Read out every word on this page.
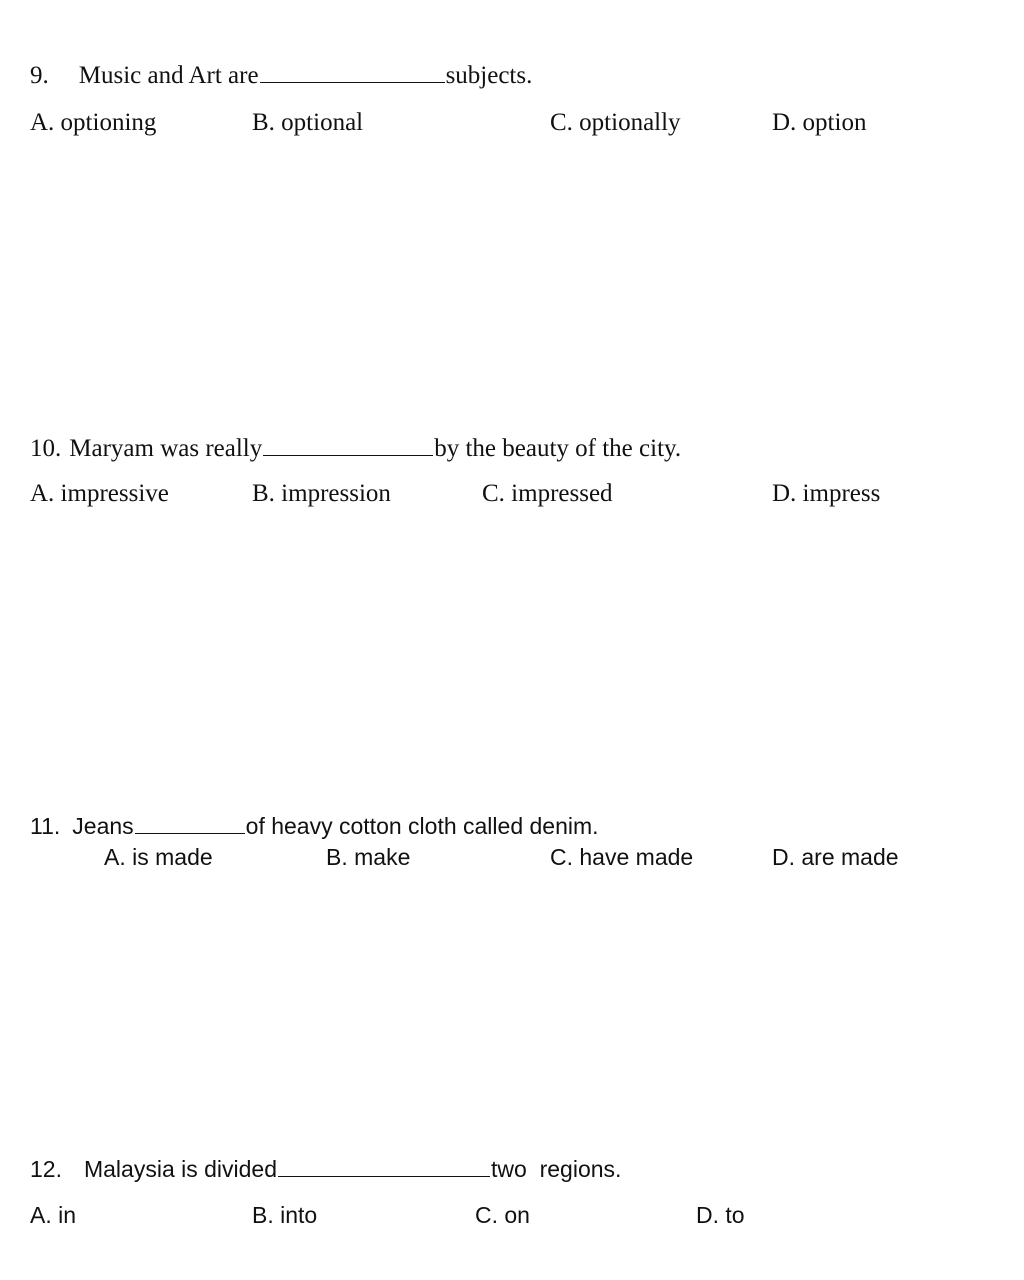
9. Music and Art are	subjects.
A. optioning	B. optional	C. optionally	D. option
10. Maryam was really	by the beauty of the city.
A. impressive	B. impression	C. impressed	D. impress
11. Jeans	of heavy cotton cloth called denim.
A. is made	B. make	C. have made	D. are made
12. Malaysia is divided	two  regions.
A. in	B. into	C. on	D. to
